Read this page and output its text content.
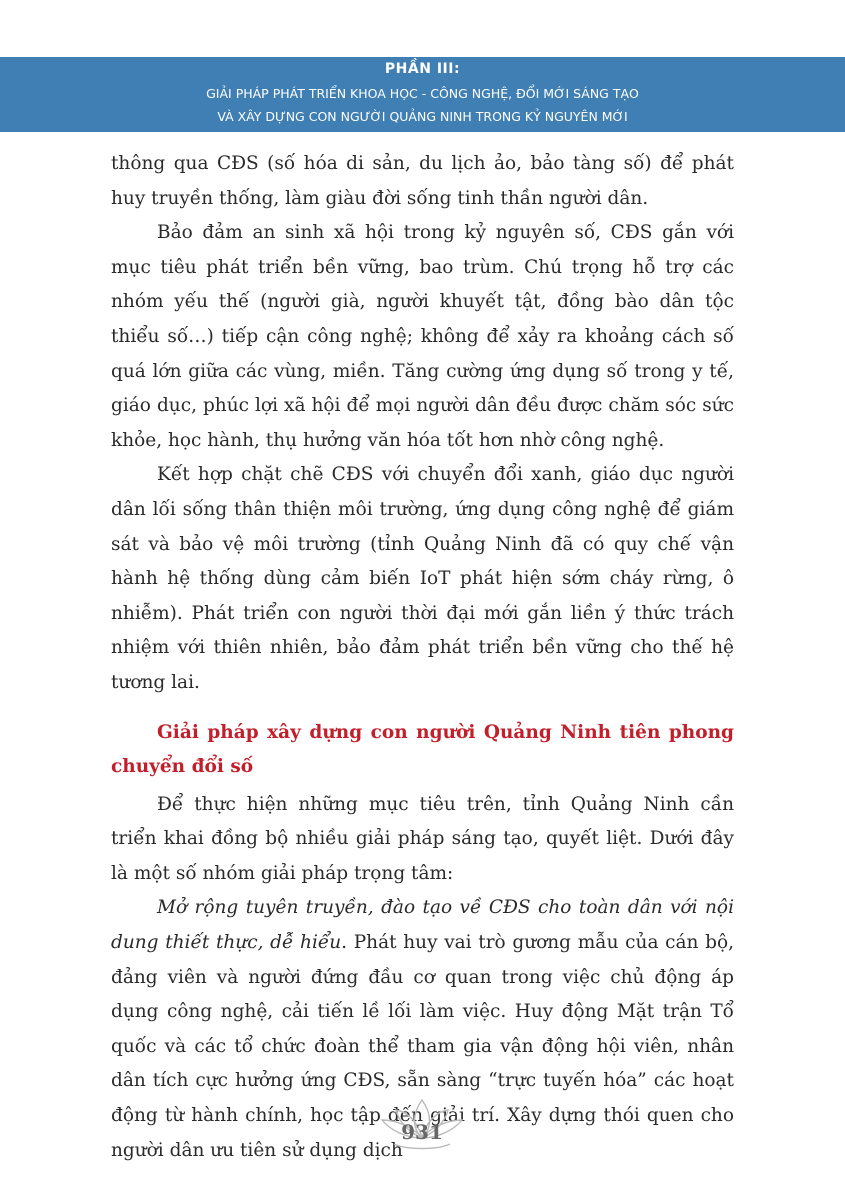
PHẦN III:
GIẢI PHÁP PHÁT TRIỂN KHOA HỌC - CÔNG NGHỆ, ĐỔI MỚI SÁNG TẠO
VÀ XÂY DỰNG CON NGƯỜI QUẢNG NINH TRONG KỶ NGUYÊN MỚI

thông qua CĐS (số hóa di sản, du lịch ảo, bảo tàng số) để phát huy truyền thống, làm giàu đời sống tinh thần người dân.

Bảo đảm an sinh xã hội trong kỷ nguyên số, CĐS gắn với mục tiêu phát triển bền vững, bao trùm. Chú trọng hỗ trợ các nhóm yếu thế (người già, người khuyết tật, đồng bào dân tộc thiểu số…) tiếp cận công nghệ; không để xảy ra khoảng cách số quá lớn giữa các vùng, miền. Tăng cường ứng dụng số trong y tế, giáo dục, phúc lợi xã hội để mọi người dân đều được chăm sóc sức khỏe, học hành, thụ hưởng văn hóa tốt hơn nhờ công nghệ.

Kết hợp chặt chẽ CĐS với chuyển đổi xanh, giáo dục người dân lối sống thân thiện môi trường, ứng dụng công nghệ để giám sát và bảo vệ môi trường (tỉnh Quảng Ninh đã có quy chế vận hành hệ thống dùng cảm biến IoT phát hiện sớm cháy rừng, ô nhiễm). Phát triển con người thời đại mới gắn liền ý thức trách nhiệm với thiên nhiên, bảo đảm phát triển bền vững cho thế hệ tương lai.

Giải pháp xây dựng con người Quảng Ninh tiên phong chuyển đổi số

Để thực hiện những mục tiêu trên, tỉnh Quảng Ninh cần triển khai đồng bộ nhiều giải pháp sáng tạo, quyết liệt. Dưới đây là một số nhóm giải pháp trọng tâm:

Mở rộng tuyên truyền, đào tạo về CĐS cho toàn dân với nội dung thiết thực, dễ hiểu. Phát huy vai trò gương mẫu của cán bộ, đảng viên và người đứng đầu cơ quan trong việc chủ động áp dụng công nghệ, cải tiến lề lối làm việc. Huy động Mặt trận Tổ quốc và các tổ chức đoàn thể tham gia vận động hội viên, nhân dân tích cực hưởng ứng CĐS, sẵn sàng “trực tuyến hóa” các hoạt động từ hành chính, học tập đến giải trí. Xây dựng thói quen cho người dân ưu tiên sử dụng dịch

931
